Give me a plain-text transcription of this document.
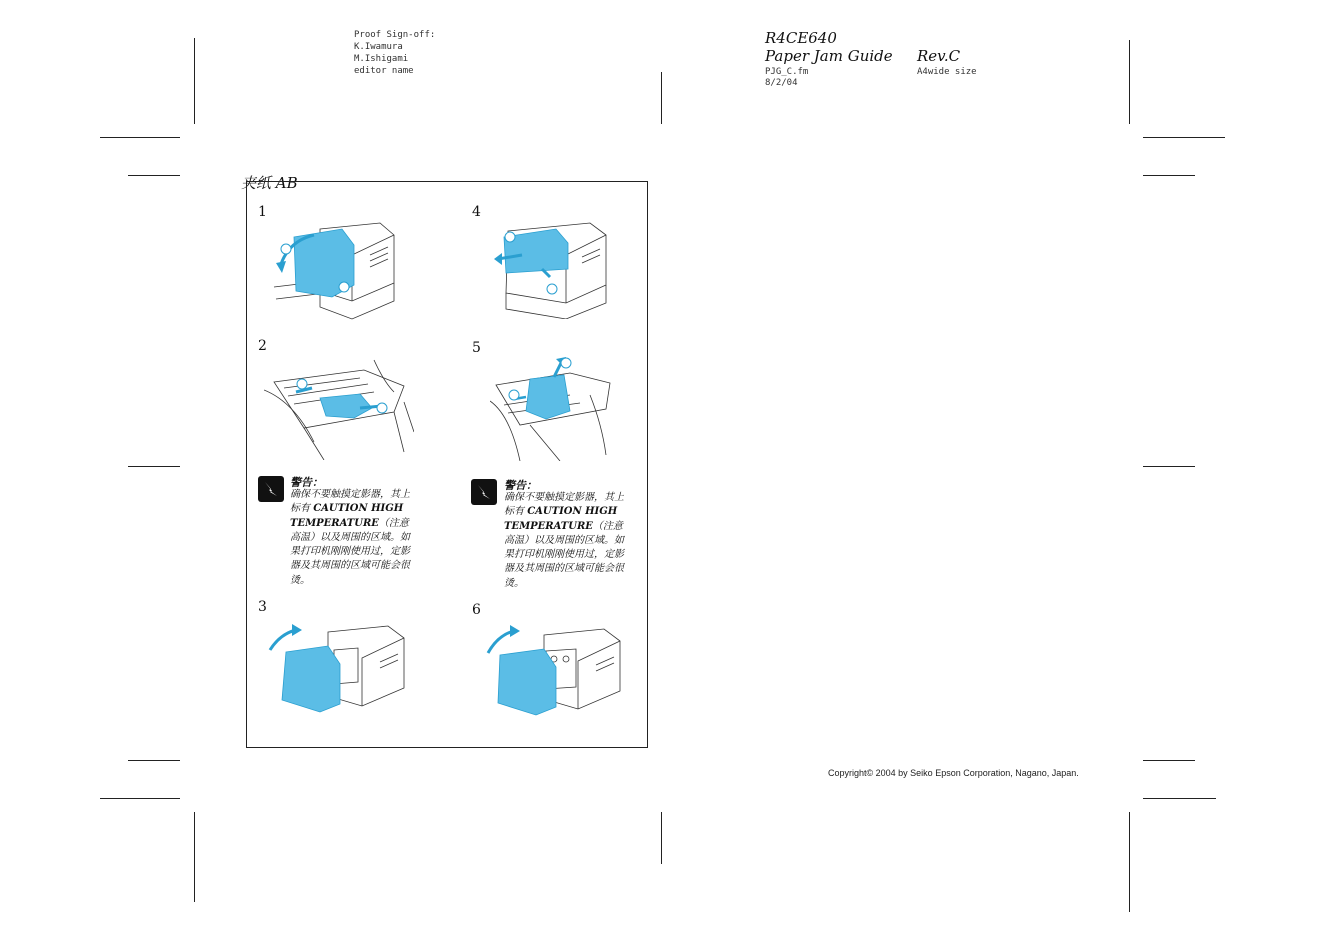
Proof Sign-off:
K.Iwamura
M.Ishigami
editor name
R4CE640
Paper Jam Guide Rev.C
PJG_C.fm
8/2/04
A4wide size
夹纸 AB
1
2
3
4
5
6
警告：
确保不要触摸定影器，其上标有 CAUTION HIGH TEMPERATURE（注意高温）以及周围的区域。如果打印机刚刚使用过，定影器及其周围的区域可能会很烫。
警告：
确保不要触摸定影器，其上标有 CAUTION HIGH TEMPERATURE（注意高温）以及周围的区域。如果打印机刚刚使用过，定影器及其周围的区域可能会很烫。
Copyright© 2004 by Seiko Epson Corporation, Nagano, Japan.
